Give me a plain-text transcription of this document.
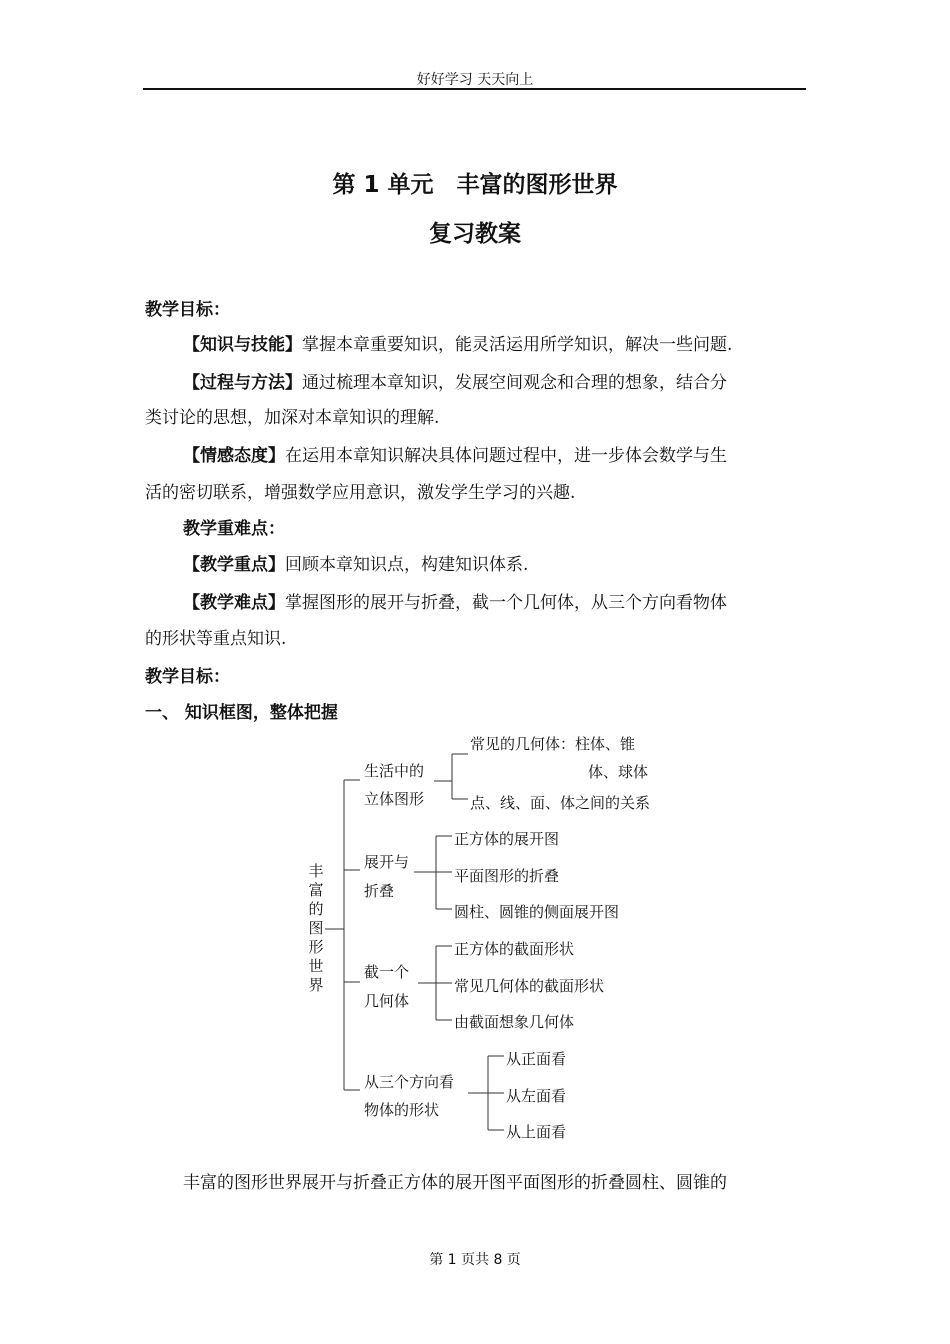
好好学习 天天向上
第 1 单元　丰富的图形世界
复习教案
教学目标：
【知识与技能】掌握本章重要知识，能灵活运用所学知识，解决一些问题.
【过程与方法】通过梳理本章知识，发展空间观念和合理的想象，结合分
类讨论的思想，加深对本章知识的理解.
【情感态度】在运用本章知识解决具体问题过程中，进一步体会数学与生
活的密切联系，增强数学应用意识，激发学生学习的兴趣.
教学重难点：
【教学重点】回顾本章知识点，构建知识体系.
【教学难点】掌握图形的展开与折叠，截一个几何体，从三个方向看物体
的形状等重点知识.
教学目标：
一、 知识框图，整体把握
丰富的图形世界
生活中的
立体图形
常见的几何体：柱体、锥
体、球体
点、线、面、体之间的关系
展开与
折叠
正方体的展开图
平面图形的折叠
圆柱、圆锥的侧面展开图
截一个
几何体
正方体的截面形状
常见几何体的截面形状
由截面想象几何体
从三个方向看
物体的形状
从正面看
从左面看
从上面看
丰富的图形世界展开与折叠正方体的展开图平面图形的折叠圆柱、圆锥的
第 1 页共 8 页
